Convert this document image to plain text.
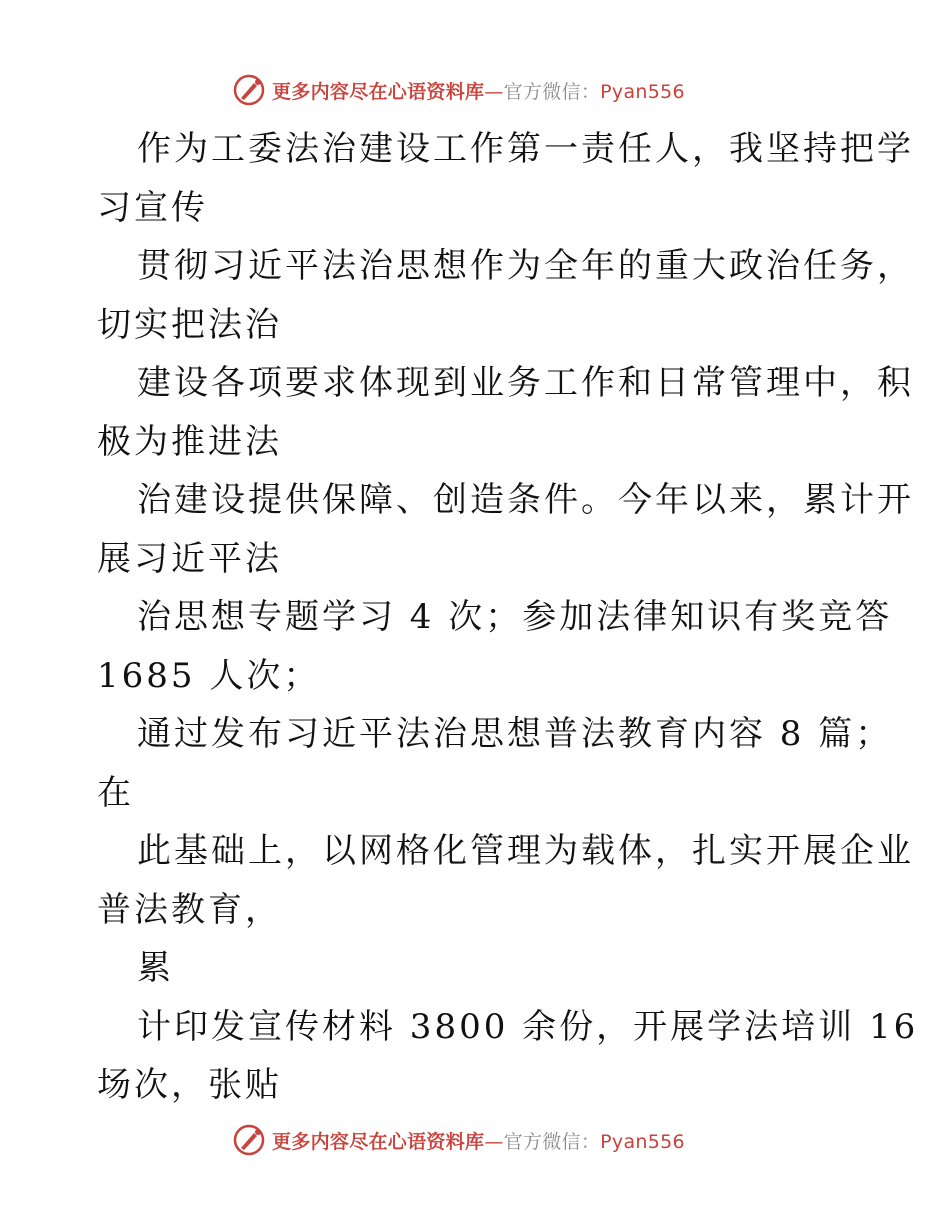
更多内容尽在心语资料库—官方微信：Pyan556
作为工委法治建设工作第一责任人，我坚持把学
习宣传
贯彻习近平法治思想作为全年的重大政治任务，
切实把法治
建设各项要求体现到业务工作和日常管理中，积
极为推进法
治建设提供保障、创造条件。今年以来，累计开
展习近平法
治思想专题学习 4 次；参加法律知识有奖竞答
1685 人次；
通过发布习近平法治思想普法教育内容 8 篇；
在
此基础上，以网格化管理为载体，扎实开展企业
普法教育，
累
计印发宣传材料 3800 余份，开展学法培训 16
场次，张贴
更多内容尽在心语资料库—官方微信：Pyan556
